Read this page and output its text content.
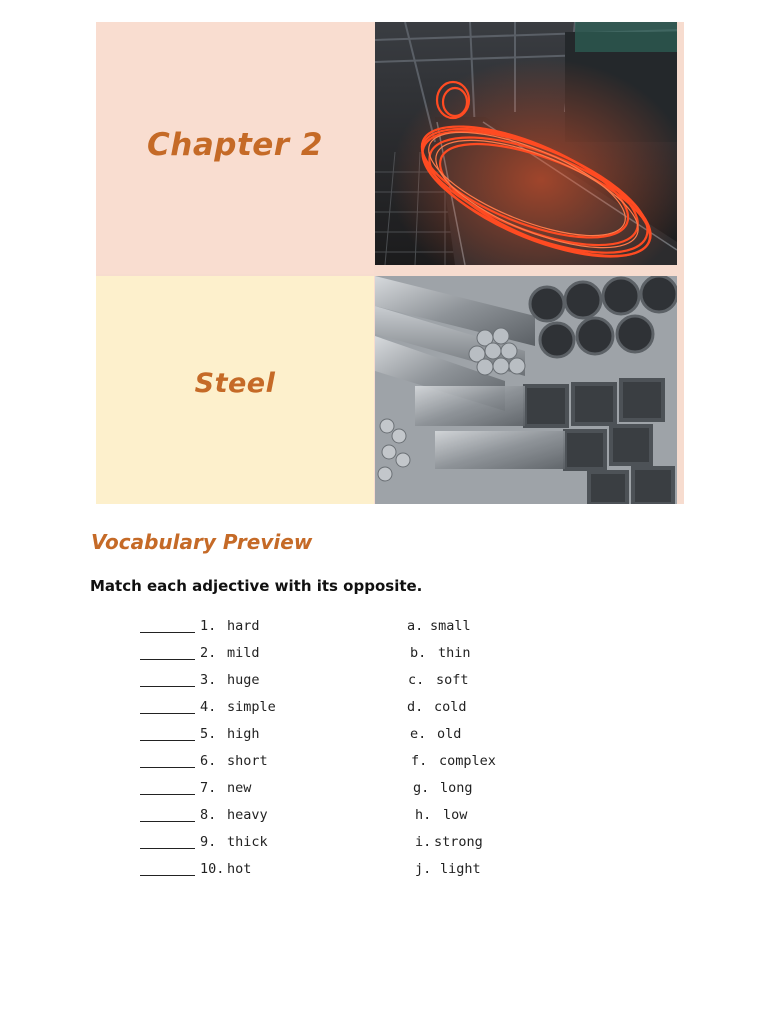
Chapter 2
Steel
Vocabulary Preview

Match each adjective with its opposite.

1. hard	a. small
2. mild	b. thin
3. huge	c. soft
4. simple	d. cold
5. high	e. old
6. short	f. complex
7. new	g. long
8. heavy	h. low
9. thick	i. strong
10. hot	j. light
